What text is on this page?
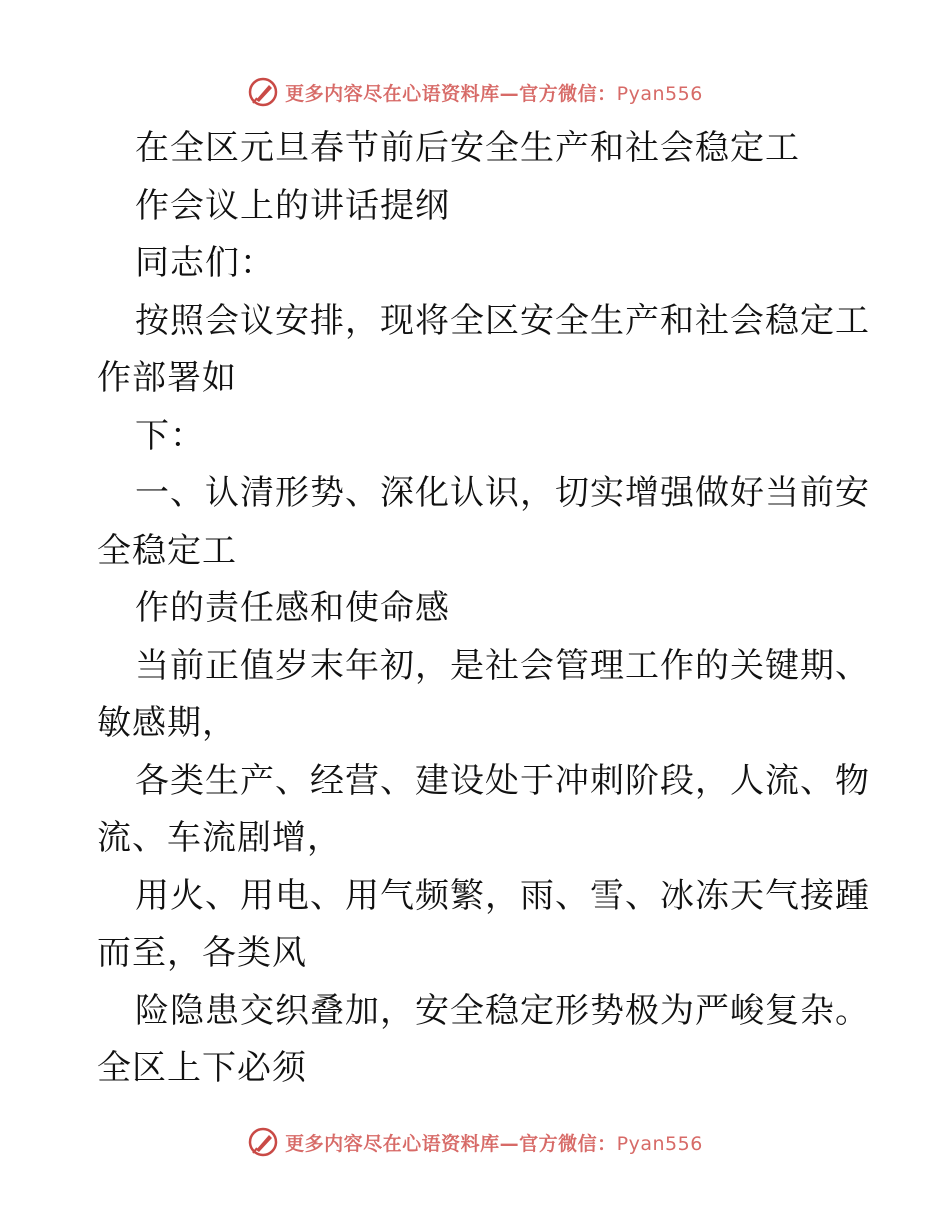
更多内容尽在心语资料库—官方微信：Pyan556
在全区元旦春节前后安全生产和社会稳定工
作会议上的讲话提纲
同志们：
按照会议安排，现将全区安全生产和社会稳定工
作部署如
下：
一、认清形势、深化认识，切实增强做好当前安
全稳定工
作的责任感和使命感
当前正值岁末年初，是社会管理工作的关键期、
敏感期，
各类生产、经营、建设处于冲刺阶段，人流、物
流、车流剧增，
用火、用电、用气频繁，雨、雪、冰冻天气接踵
而至，各类风
险隐患交织叠加，安全稳定形势极为严峻复杂。
全区上下必须
更多内容尽在心语资料库—官方微信：Pyan556
